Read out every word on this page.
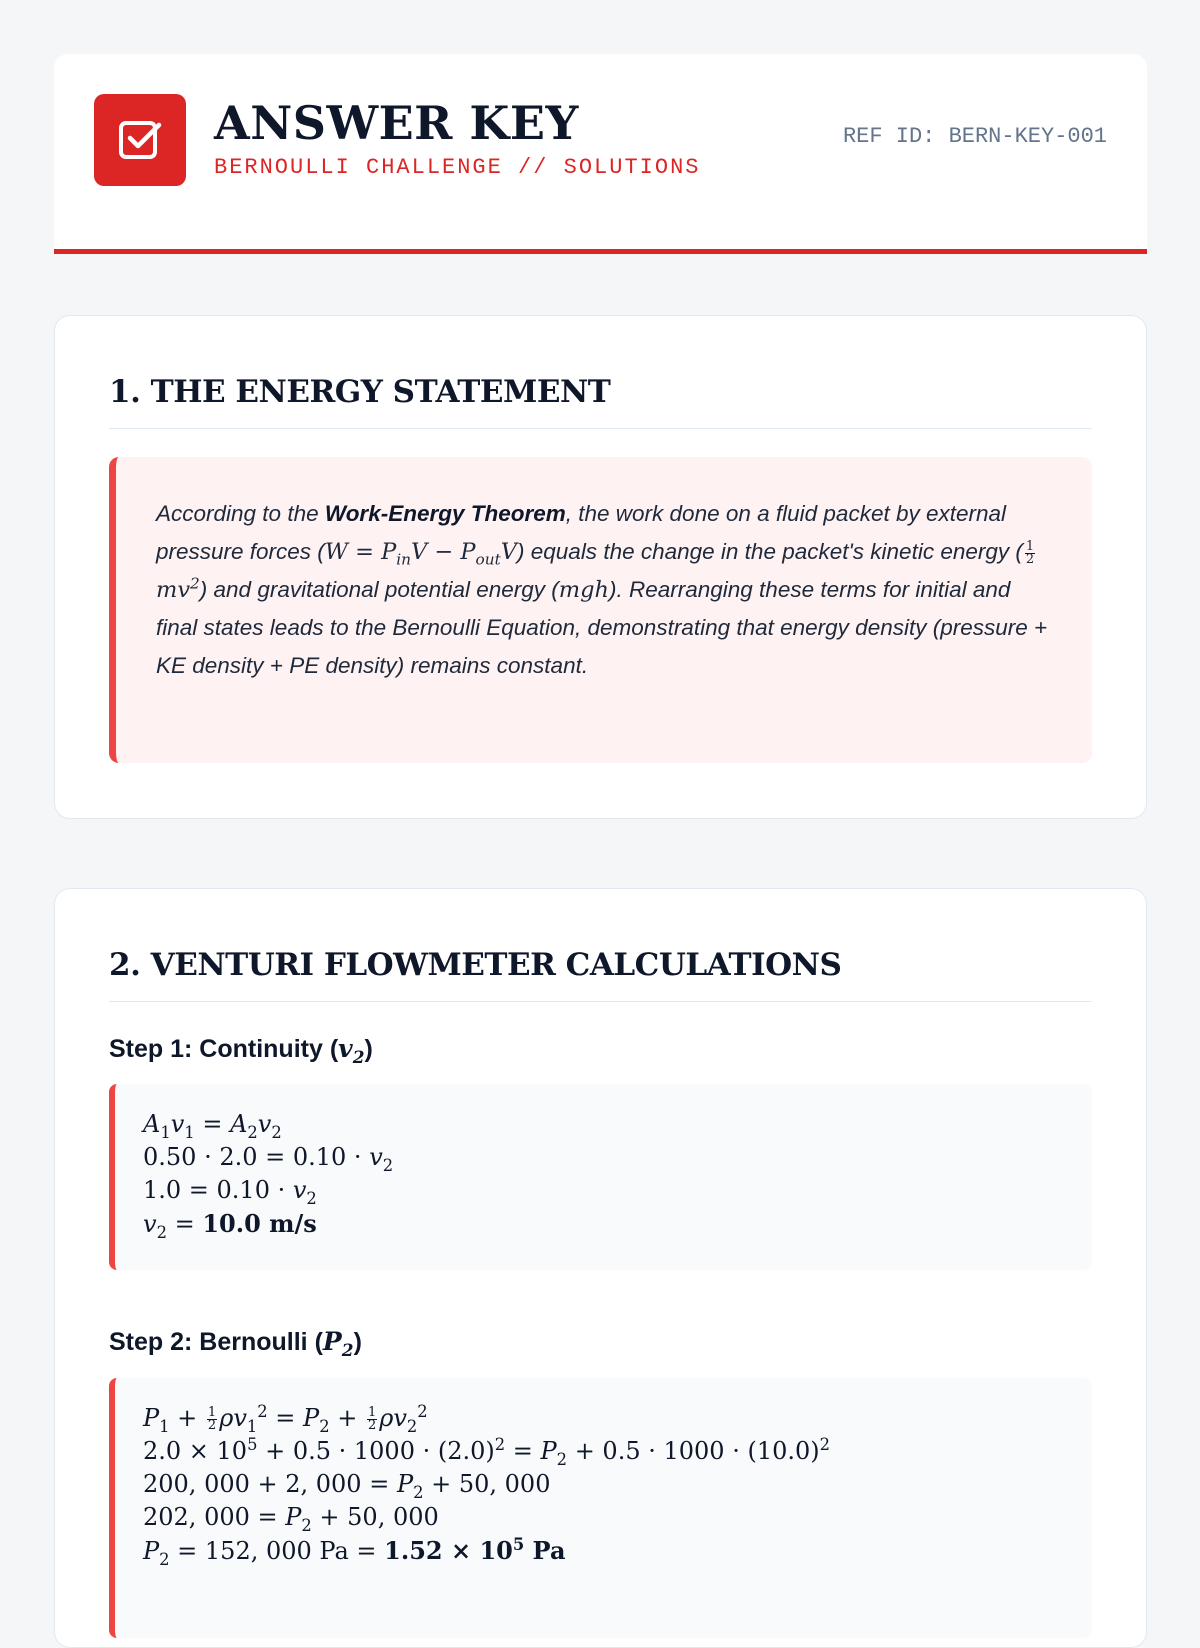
ANSWER KEY
BERNOULLI CHALLENGE // SOLUTIONS
REF ID: BERN-KEY-001
1. THE ENERGY STATEMENT

According to the Work-Energy Theorem, the work done on a fluid packet by external pressure forces $(W = P_{in}V - P_{out}V)$ equals the change in the packet's kinetic energy ( $\frac{1}{2}$
$mv^2$) and gravitational potential energy (mgh). Rearranging these terms for initial and final states leads to the Bernoulli Equation, demonstrating that energy density (pressure + KE density + PE density) remains constant.

2. VENTURI FLOWMETER CALCULATIONS
Step 1: Continuity $(v_2)$
$A_1v_1 = A_2v_2$
$0.50 \cdot 2.0 = 0.10 \cdot v_2$
$1.0 = 0.10 \cdot v_2$
$v_2 = 10.0$ m/s
Step 2: Bernoulli $(P_2)$
$P_1 + \frac{1}{2} \rho v_1^2 = P_2 + \frac{1}{2} \rho v_2^2$
$2.0 \times 10^5 + 0.5 \cdot 1000 \cdot (2.0)^2 = P_2 + 0.5 \cdot 1000 \cdot (10.0)^2$
200, 000 + 2, $000 = P_2 + 50$, 000
202, $000 = P_2 + 50$, 000
$P_2 = 152$, 000 $Pa = 1.52 \times 10^5$ Pa
